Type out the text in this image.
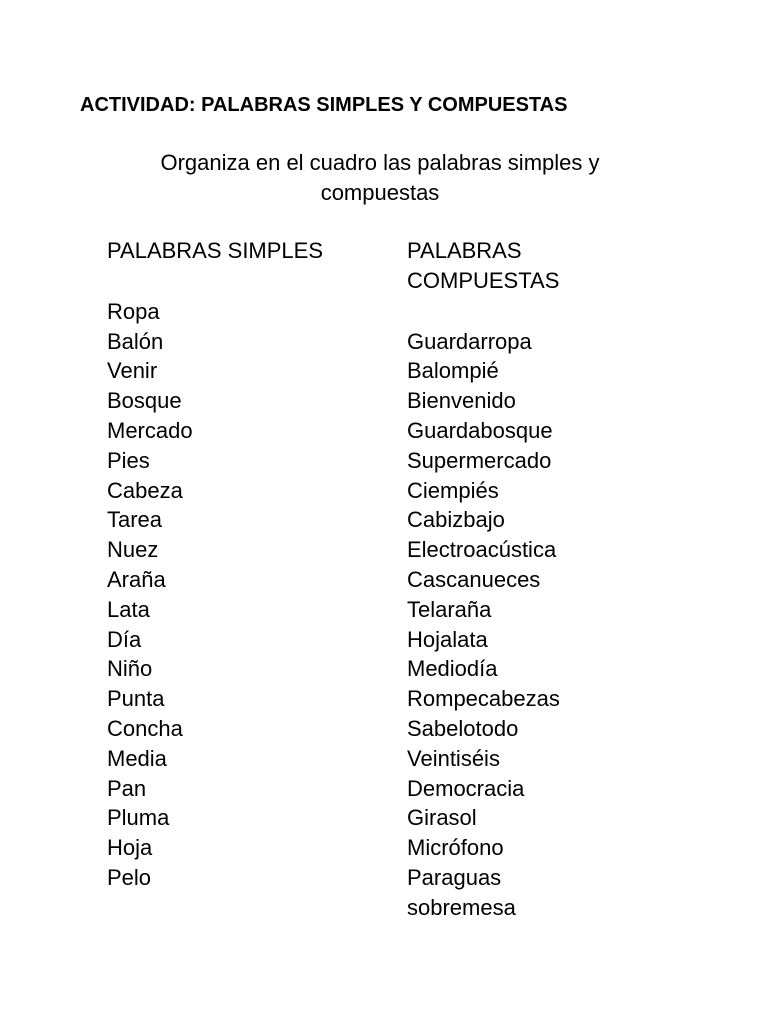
ACTIVIDAD: PALABRAS SIMPLES Y COMPUESTAS
Organiza en el cuadro las palabras simples y compuestas
PALABRAS SIMPLES
Ropa
Balón
Venir
Bosque
Mercado
Pies
Cabeza
Tarea
Nuez
Araña
Lata
Día
Niño
Punta
Concha
Media
Pan
Pluma
Hoja
Pelo
PALABRAS
COMPUESTAS
Guardarropa
Balompié
Bienvenido
Guardabosque
Supermercado
Ciempiés
Cabizbajo
Electroacústica
Cascanueces
Telaraña
Hojalata
Mediodía
Rompecabezas
Sabelotodo
Veintiséis
Democracia
Girasol
Micrófono
Paraguas
sobremesa
